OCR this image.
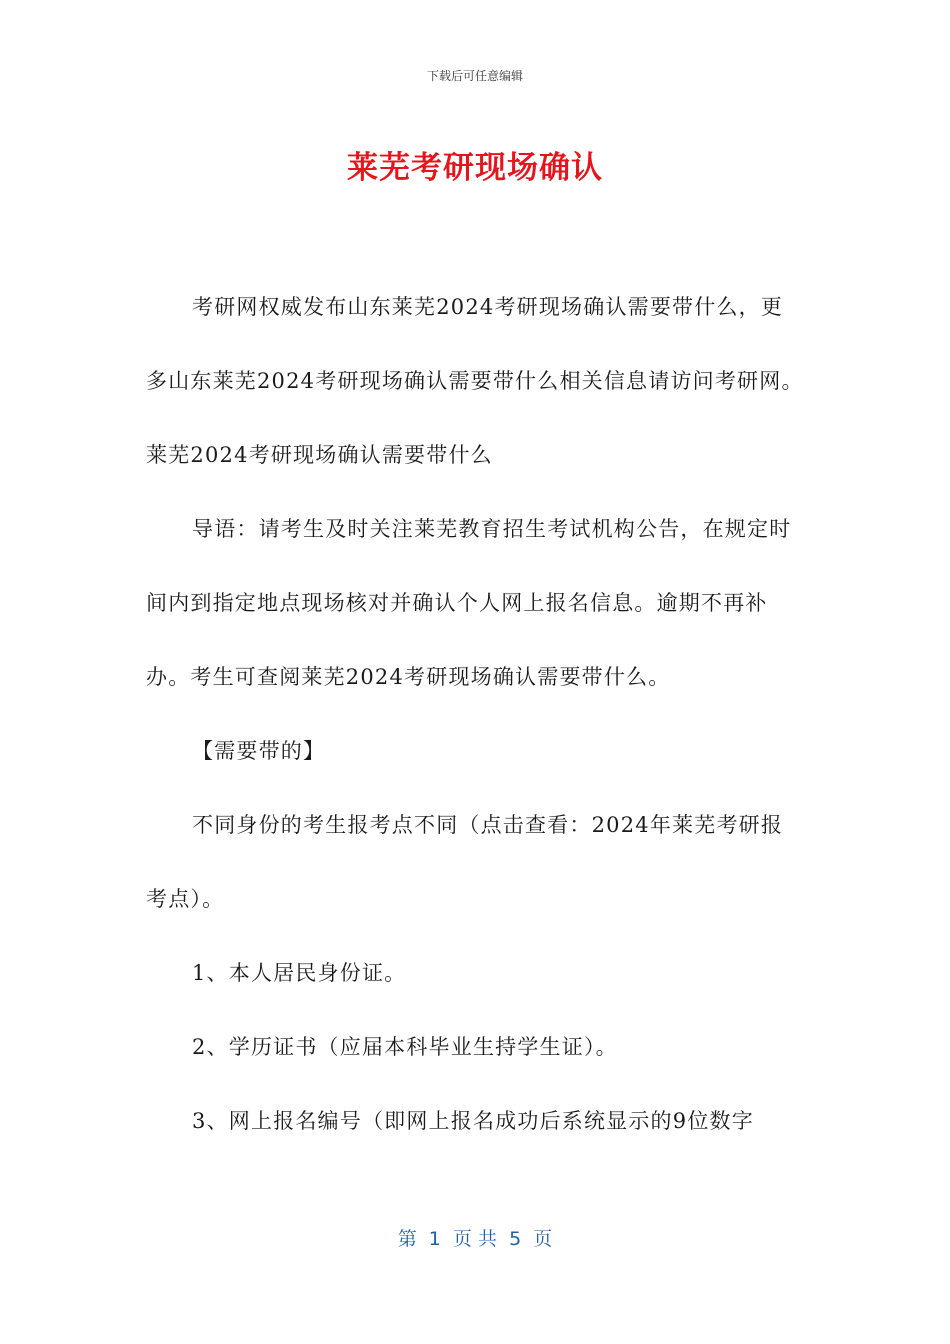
下载后可任意编辑
莱芜考研现场确认

考研网权威发布山东莱芜2024考研现场确认需要带什么，更多山东莱芜2024考研现场确认需要带什么相关信息请访问考研网。莱芜2024考研现场确认需要带什么

导语：请考生及时关注莱芜教育招生考试机构公告，在规定时间内到指定地点现场核对并确认个人网上报名信息。逾期不再补办。考生可查阅莱芜2024考研现场确认需要带什么。

【需要带的】

不同身份的考生报考点不同（点击查看：2024年莱芜考研报考点）。

1、本人居民身份证。

2、学历证书（应届本科毕业生持学生证）。

3、网上报名编号（即网上报名成功后系统显示的9位数字

第  1  页 共  5  页
